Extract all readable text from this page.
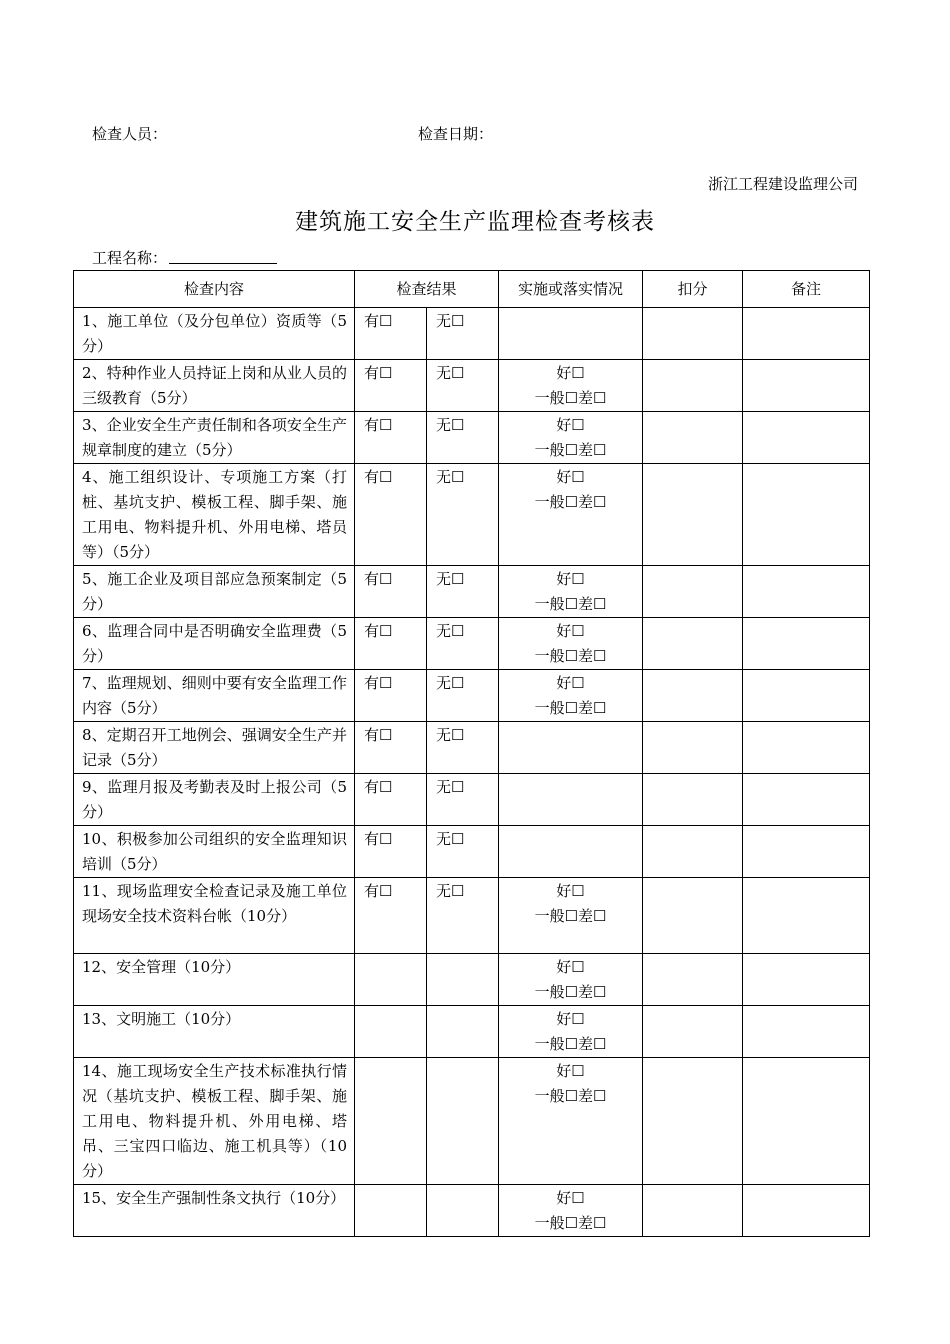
检查人员：	检查日期：
浙江工程建设监理公司
建筑施工安全生产监理检查考核表
工程名称：
检查内容	检查结果		实施或落实情况	扣分	备注
1、施工单位（及分包单位）资质等（5分）	有☐	无☐			
2、特种作业人员持证上岗和从业人员的三级教育（5分）	有☐	无☐	好☐
一般☐差☐		
3、企业安全生产责任制和各项安全生产规章制度的建立（5分）	有☐	无☐	好☐
一般☐差☐		
4、施工组织设计、专项施工方案（打桩、基坑支护、模板工程、脚手架、施工用电、物料提升机、外用电梯、塔员等）（5分）	有☐	无☐	好☐
一般☐差☐		
5、施工企业及项目部应急预案制定（5分）	有☐	无☐	好☐
一般☐差☐		
6、监理合同中是否明确安全监理费（5分）	有☐	无☐	好☐
一般☐差☐		
7、监理规划、细则中要有安全监理工作内容（5分）	有☐	无☐	好☐
一般☐差☐		
8、定期召开工地例会、强调安全生产并记录（5分）	有☐	无☐			
9、监理月报及考勤表及时上报公司（5分）	有☐	无☐			
10、积极参加公司组织的安全监理知识培训（5分）	有☐	无☐			
11、现场监理安全检查记录及施工单位现场安全技术资料台帐（10分）	有☐	无☐	好☐
一般☐差☐		
12、安全管理（10分）			好☐
一般☐差☐		
13、文明施工（10分）			好☐
一般☐差☐		
14、施工现场安全生产技术标准执行情况（基坑支护、模板工程、脚手架、施工用电、物料提升机、外用电梯、塔吊、三宝四口临边、施工机具等）（10分）			好☐
一般☐差☐		
15、安全生产强制性条文执行（10分）			好☐
一般☐差☐		
